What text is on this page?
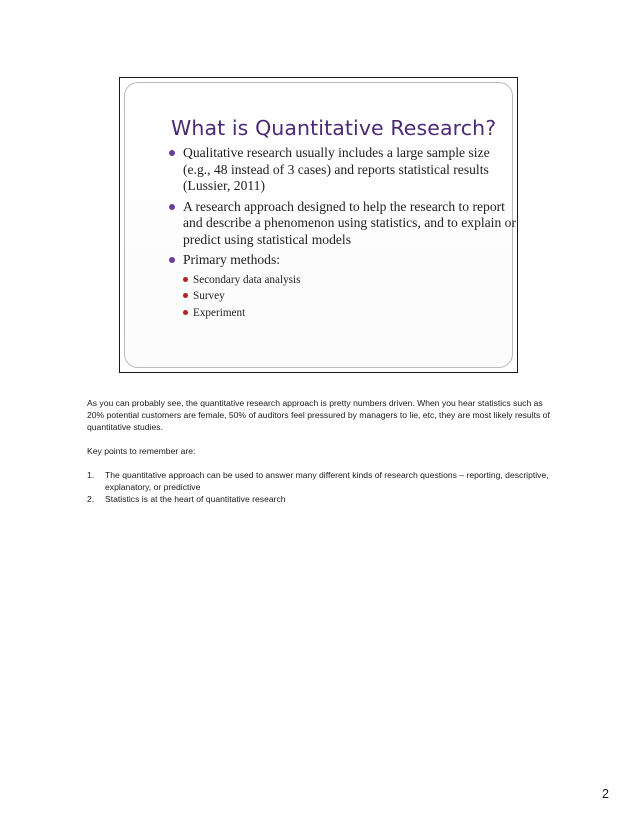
What is Quantitative Research?
Qualitative research usually includes a large sample size (e.g., 48 instead of 3 cases) and reports statistical results (Lussier, 2011)
A research approach designed to help the research to report and describe a phenomenon using statistics, and to explain or predict using statistical models
Primary methods:
Secondary data analysis
Survey
Experiment

As you can probably see, the quantitative research approach is pretty numbers driven. When you hear statistics such as 20% potential customers are female, 50% of auditors feel pressured by managers to lie, etc, they are most likely results of quantitative studies.

Key points to remember are:

1. The quantitative approach can be used to answer many different kinds of research questions – reporting, descriptive, explanatory, or predictive
2. Statistics is at the heart of quantitative research
2
